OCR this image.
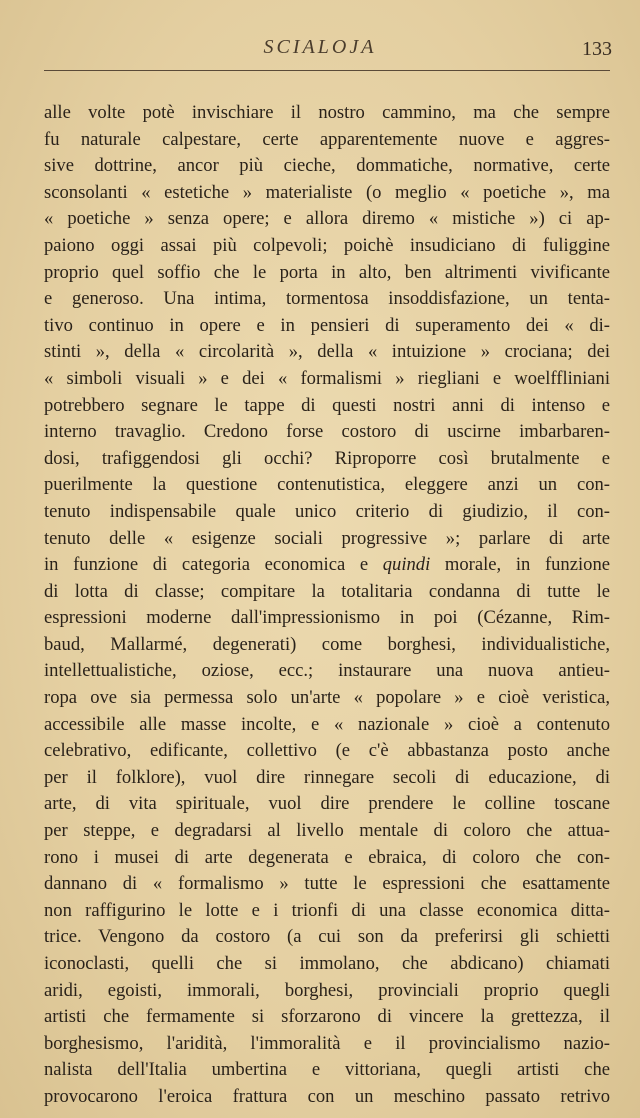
SCIALOJA	133
alle volte potè invischiare il nostro cammino, ma che sempre
fu naturale calpestare, certe apparentemente nuove e aggres-
sive dottrine, ancor più cieche, dommatiche, normative, certe
sconsolanti « estetiche » materialiste (o meglio « poetiche », ma
« poetiche » senza opere; e allora diremo « mistiche ») ci ap-
paiono oggi assai più colpevoli; poichè insudiciano di fuliggine
proprio quel soffio che le porta in alto, ben altrimenti vivificante
e generoso. Una intima, tormentosa insoddisfazione, un tenta-
tivo continuo in opere e in pensieri di superamento dei « di-
stinti », della « circolarità », della « intuizione » crociana; dei
« simboli visuali » e dei « formalismi » riegliani e woelffliniani
potrebbero segnare le tappe di questi nostri anni di intenso e
interno travaglio. Credono forse costoro di uscirne imbarbaren-
dosi, trafiggendosi gli occhi? Riproporre così brutalmente e
puerilmente la questione contenutistica, eleggere anzi un con-
tenuto indispensabile quale unico criterio di giudizio, il con-
tenuto delle « esigenze sociali progressive »; parlare di arte
in funzione di categoria economica e quindi morale, in funzione
di lotta di classe; compitare la totalitaria condanna di tutte le
espressioni moderne dall'impressionismo in poi (Cézanne, Rim-
baud, Mallarmé, degenerati) come borghesi, individualistiche,
intellettualistiche, oziose, ecc.; instaurare una nuova antieu-
ropa ove sia permessa solo un'arte « popolare » e cioè veristica,
accessibile alle masse incolte, e « nazionale » cioè a contenuto
celebrativo, edificante, collettivo (e c'è abbastanza posto anche
per il folklore), vuol dire rinnegare secoli di educazione, di
arte, di vita spirituale, vuol dire prendere le colline toscane
per steppe, e degradarsi al livello mentale di coloro che attua-
rono i musei di arte degenerata e ebraica, di coloro che con-
dannano di « formalismo » tutte le espressioni che esattamente
non raffigurino le lotte e i trionfi di una classe economica ditta-
trice. Vengono da costoro (a cui son da preferirsi gli schietti
iconoclasti, quelli che si immolano, che abdicano) chiamati
aridi, egoisti, immorali, borghesi, provinciali proprio quegli
artisti che fermamente si sforzarono di vincere la grettezza, il
borghesismo, l'aridità, l'immoralità e il provincialismo nazio-
nalista dell'Italia umbertina e vittoriana, quegli artisti che
provocarono l'eroica frattura con un meschino passato retrivo
